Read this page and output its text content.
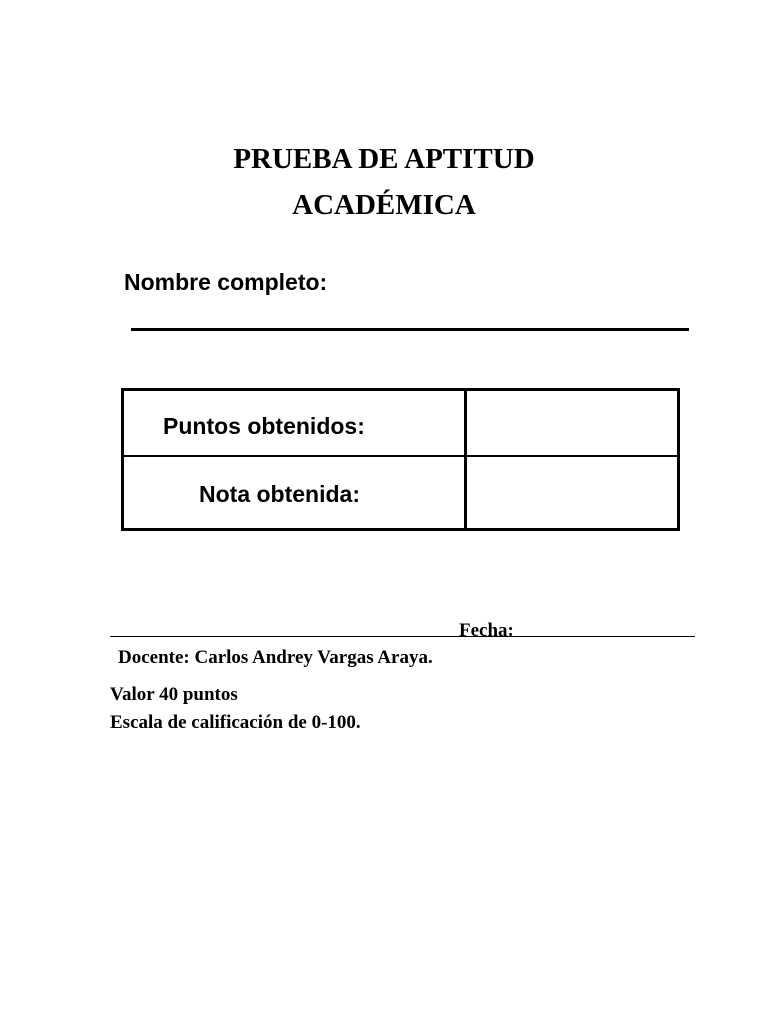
PRUEBA DE APTITUD
ACADÉMICA
Nombre completo:
Puntos obtenidos:
Nota obtenida:
Fecha:
Docente: Carlos Andrey Vargas Araya.
Valor 40 puntos
Escala de calificación de 0-100.
